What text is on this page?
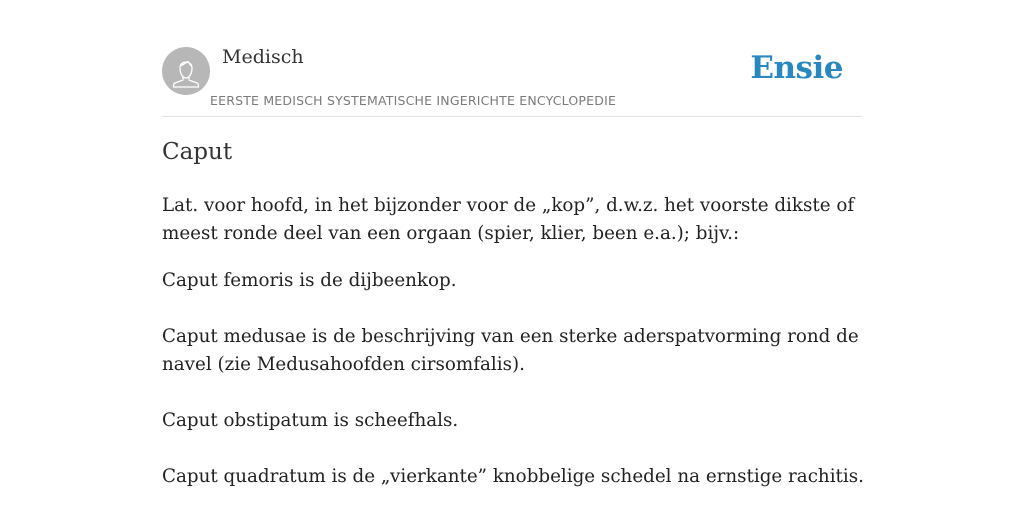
Medisch
EERSTE MEDISCH SYSTEMATISCHE INGERICHTE ENCYCLOPEDIE
Ensie
Caput

Lat. voor hoofd, in het bijzonder voor de „kop”, d.w.z. het voorste dikste of meest ronde deel van een orgaan (spier, klier, been e.a.); bijv.:

Caput femoris is de dijbeenkop.

Caput medusae is de beschrijving van een sterke aderspatvorming rond de navel (zie Medusahoofden cirsomfalis).

Caput obstipatum is scheefhals.

Caput quadratum is de „vierkante” knobbelige schedel na ernstige rachitis.
